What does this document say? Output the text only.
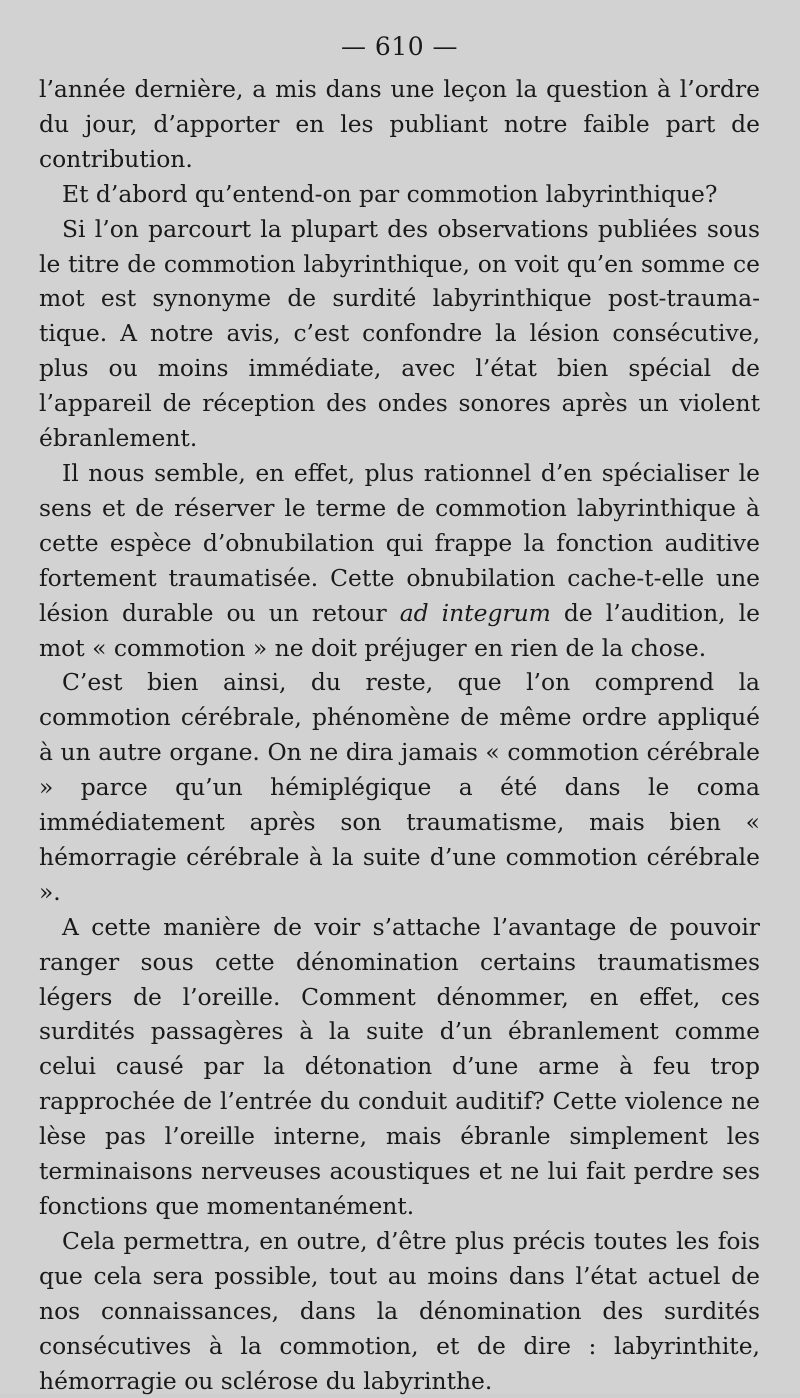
— 610 —

l’année dernière, a mis dans une leçon la question à l’ordre du jour, d’apporter en les publiant notre faible part de contribution.

Et d’abord qu’entend-on par commotion labyrinthique?

Si l’on parcourt la plupart des observations publiées sous le titre de commotion labyrinthique, on voit qu’en somme ce mot est synonyme de surdité labyrinthique post-traumatique. A notre avis, c’est confondre la lésion consécutive, plus ou moins immédiate, avec l’état bien spécial de l’appareil de réception des ondes sonores après un violent ébranlement.

Il nous semble, en effet, plus rationnel d’en spécialiser le sens et de réserver le terme de commotion labyrinthique à cette espèce d’obnubilation qui frappe la fonction auditive fortement traumatisée. Cette obnubilation cache-t-elle une lésion durable ou un retour ad integrum de l’audition, le mot « commotion » ne doit préjuger en rien de la chose.

C’est bien ainsi, du reste, que l’on comprend la commotion cérébrale, phénomène de même ordre appliqué à un autre organe. On ne dira jamais « commotion cérébrale » parce qu’un hémiplégique a été dans le coma immédiatement après son traumatisme, mais bien « hémorragie cérébrale à la suite d’une commotion cérébrale ».

A cette manière de voir s’attache l’avantage de pouvoir ranger sous cette dénomination certains traumatismes légers de l’oreille. Comment dénommer, en effet, ces surdités passagères à la suite d’un ébranlement comme celui causé par la détonation d’une arme à feu trop rapprochée de l’entrée du conduit auditif? Cette violence ne lèse pas l’oreille interne, mais ébranle simplement les terminaisons nerveuses acoustiques et ne lui fait perdre ses fonctions que momentanément.

Cela permettra, en outre, d’être plus précis toutes les fois que cela sera possible, tout au moins dans l’état actuel de nos connaissances, dans la dénomination des surdités consécutives à la commotion, et de dire : labyrinthite, hémorragie ou sclérose du labyrinthe.
